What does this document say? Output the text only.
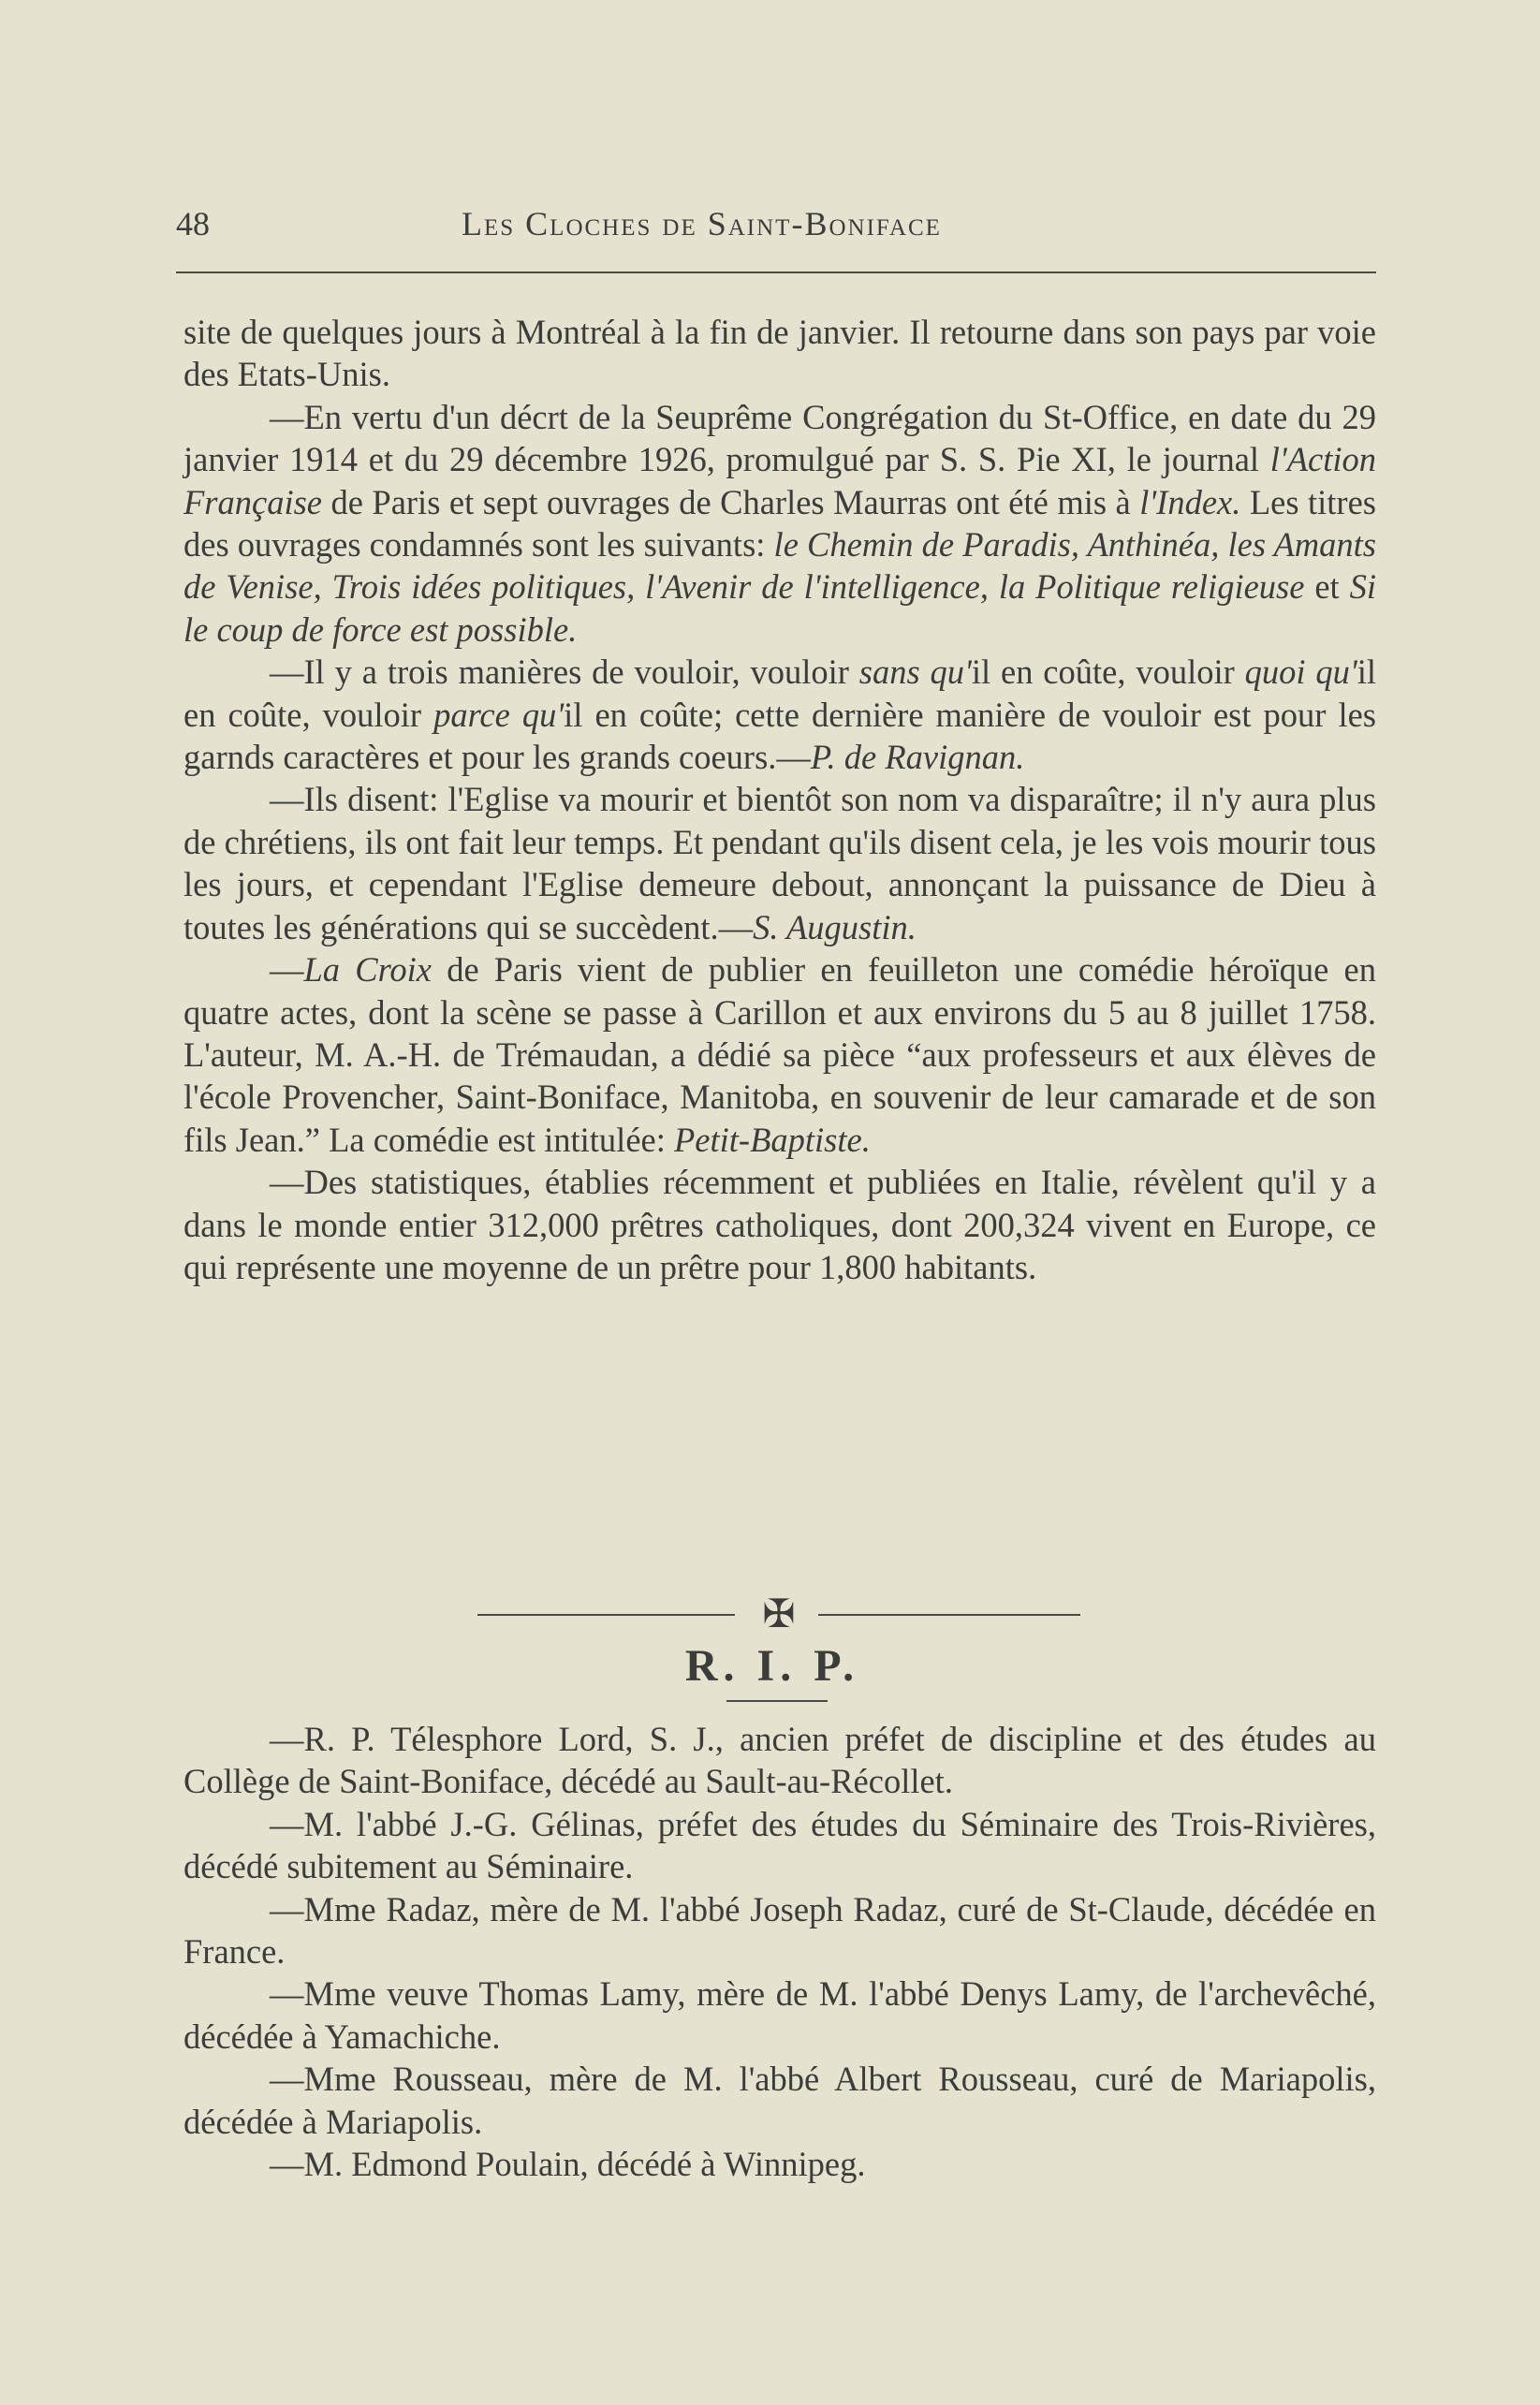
48	Les Cloches de Saint-Boniface

site de quelques jours à Montréal à la fin de janvier. Il retourne dans son pays par voie des Etats-Unis.

—En vertu d'un décrt de la Seuprême Congrégation du St-Office, en date du 29 janvier 1914 et du 29 décembre 1926, promulgué par S. S. Pie XI, le journal l'Action Française de Paris et sept ouvrages de Charles Maurras ont été mis à l'Index. Les titres des ouvrages condamnés sont les suivants: le Chemin de Paradis, Anthinéa, les Amants de Venise, Trois idées politiques, l'Avenir de l'intelligence, la Politique religieuse et Si le coup de force est possible.

—Il y a trois manières de vouloir, vouloir sans qu'il en coûte, vouloir quoi qu'il en coûte, vouloir parce qu'il en coûte; cette dernière manière de vouloir est pour les garnds caractères et pour les grands coeurs.—P. de Ravignan.

—Ils disent: l'Eglise va mourir et bientôt son nom va disparaître; il n'y aura plus de chrétiens, ils ont fait leur temps. Et pendant qu'ils disent cela, je les vois mourir tous les jours, et cependant l'Eglise demeure debout, annonçant la puissance de Dieu à toutes les générations qui se succèdent.—S. Augustin.

—La Croix de Paris vient de publier en feuilleton une comédie héroïque en quatre actes, dont la scène se passe à Carillon et aux environs du 5 au 8 juillet 1758. L'auteur, M. A.-H. de Trémaudan, a dédié sa pièce “aux professeurs et aux élèves de l'école Provencher, Saint-Boniface, Manitoba, en souvenir de leur camarade et de son fils Jean.” La comédie est intitulée: Petit-Baptiste.

—Des statistiques, établies récemment et publiées en Italie, révèlent qu'il y a dans le monde entier 312,000 prêtres catholiques, dont 200,324 vivent en Europe, ce qui représente une moyenne de un prêtre pour 1,800 habitants.

✠
R. I. P.

—R. P. Télesphore Lord, S. J., ancien préfet de discipline et des études au Collège de Saint-Boniface, décédé au Sault-au-Récollet.

—M. l'abbé J.-G. Gélinas, préfet des études du Séminaire des Trois-Rivières, décédé subitement au Séminaire.

—Mme Radaz, mère de M. l'abbé Joseph Radaz, curé de St-Claude, décédée en France.

—Mme veuve Thomas Lamy, mère de M. l'abbé Denys Lamy, de l'archevêché, décédée à Yamachiche.

—Mme Rousseau, mère de M. l'abbé Albert Rousseau, curé de Mariapolis, décédée à Mariapolis.

—M. Edmond Poulain, décédé à Winnipeg.
